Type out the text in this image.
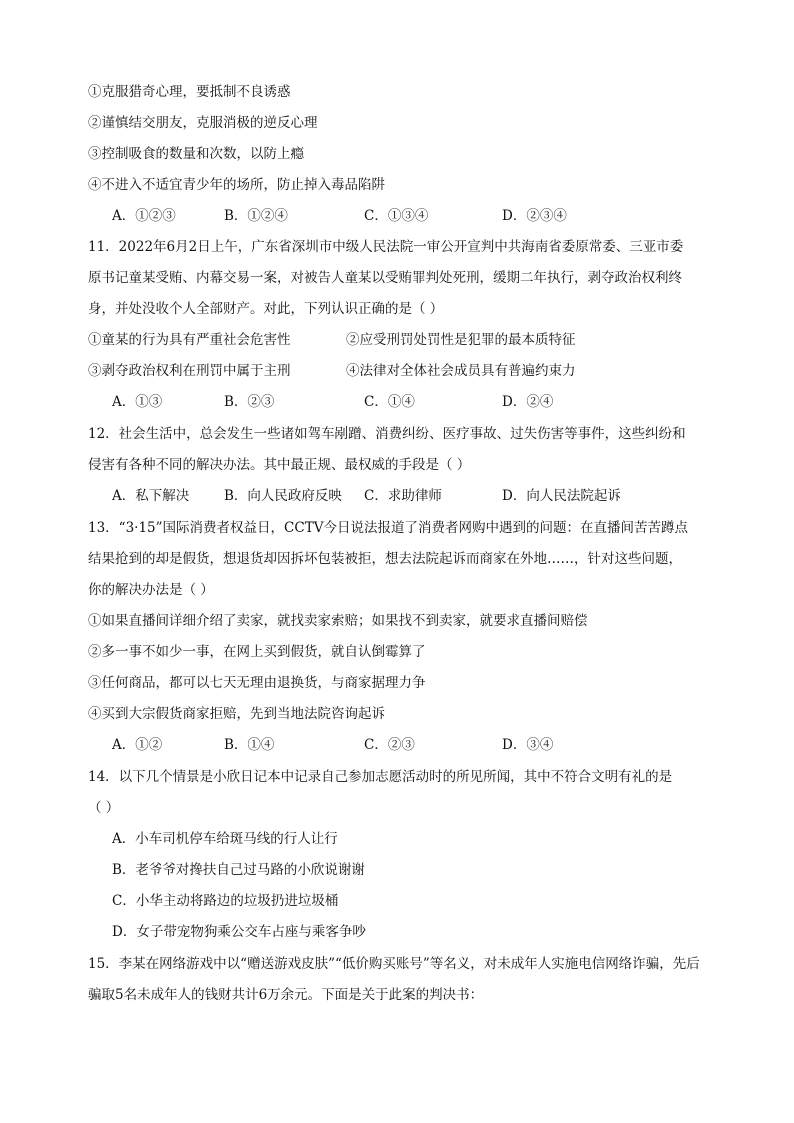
①克服猎奇心理，要抵制不良诱惑
②谨慎结交朋友，克服消极的逆反心理
③控制吸食的数量和次数，以防上瘾
④不进入不适宜青少年的场所，防止掉入毒品陷阱
A．①②③	B．①②④	C．①③④	D．②③④
11．2022年6月2日上午，广东省深圳市中级人民法院一审公开宣判中共海南省委原常委、三亚市委
原书记童某受贿、内幕交易一案，对被告人童某以受贿罪判处死刑，缓期二年执行，剥夺政治权利终
身，并处没收个人全部财产。对此，下列认识正确的是（ ）
①童某的行为具有严重社会危害性	②应受刑罚处罚性是犯罪的最本质特征
③剥夺政治权利在刑罚中属于主刑	④法律对全体社会成员具有普遍约束力
A．①③	B．②③	C．①④	D．②④
12．社会生活中，总会发生一些诸如驾车剐蹭、消费纠纷、医疗事故、过失伤害等事件，这些纠纷和
侵害有各种不同的解决办法。其中最正规、最权威的手段是（ ）
A．私下解决	B．向人民政府反映 C．求助律师	D．向人民法院起诉
13．“3·15”国际消费者权益日，CCTV今日说法报道了消费者网购中遇到的问题：在直播间苦苦蹲点
结果抢到的却是假货，想退货却因拆坏包装被拒，想去法院起诉而商家在外地……，针对这些问题，
你的解决办法是（ ）
①如果直播间详细介绍了卖家，就找卖家索赔；如果找不到卖家，就要求直播间赔偿
②多一事不如少一事，在网上买到假货，就自认倒霉算了
③任何商品，都可以七天无理由退换货，与商家据理力争
④买到大宗假货商家拒赔，先到当地法院咨询起诉
A．①②	B．①④	C．②③	D．③④
14．以下几个情景是小欣日记本中记录自己参加志愿活动时的所见所闻，其中不符合文明有礼的是
（ ）
A．小车司机停车给斑马线的行人让行
B．老爷爷对搀扶自己过马路的小欣说谢谢
C．小华主动将路边的垃圾扔进垃圾桶
D．女子带宠物狗乘公交车占座与乘客争吵
15．李某在网络游戏中以“赠送游戏皮肤”“低价购买账号”等名义，对未成年人实施电信网络诈骗，先后
骗取5名未成年人的钱财共计6万余元。下面是关于此案的判决书：
